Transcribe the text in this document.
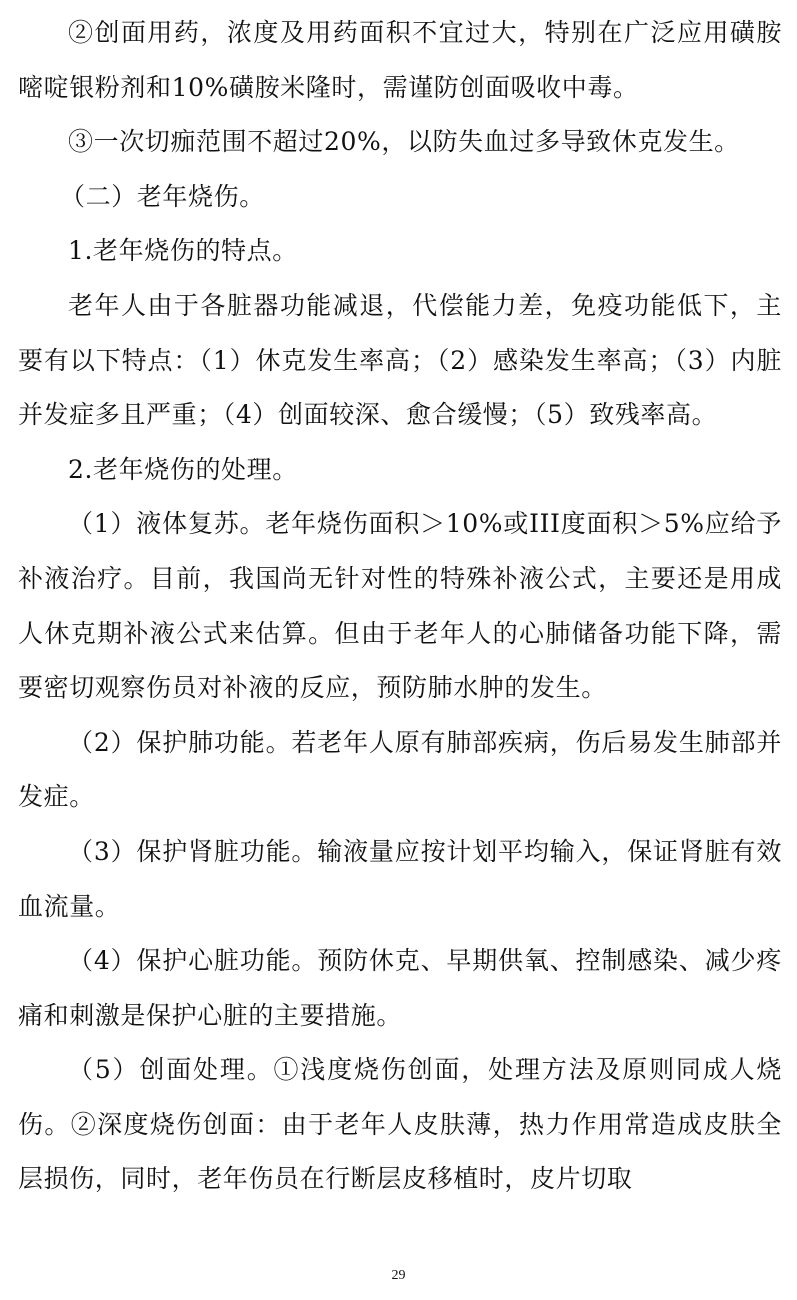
②创面用药，浓度及用药面积不宜过大，特别在广泛应用磺胺嘧啶银粉剂和10%磺胺米隆时，需谨防创面吸收中毒。

③一次切痂范围不超过20%，以防失血过多导致休克发生。

（二）老年烧伤。

1.老年烧伤的特点。

老年人由于各脏器功能减退，代偿能力差，免疫功能低下，主要有以下特点：（1）休克发生率高；（2）感染发生率高；（3）内脏并发症多且严重；（4）创面较深、愈合缓慢；（5）致残率高。

2.老年烧伤的处理。

（1）液体复苏。老年烧伤面积＞10%或III度面积＞5%应给予补液治疗。目前，我国尚无针对性的特殊补液公式，主要还是用成人休克期补液公式来估算。但由于老年人的心肺储备功能下降，需要密切观察伤员对补液的反应，预防肺水肿的发生。

（2）保护肺功能。若老年人原有肺部疾病，伤后易发生肺部并发症。

（3）保护肾脏功能。输液量应按计划平均输入，保证肾脏有效血流量。

（4）保护心脏功能。预防休克、早期供氧、控制感染、减少疼痛和刺激是保护心脏的主要措施。

（5）创面处理。①浅度烧伤创面，处理方法及原则同成人烧伤。②深度烧伤创面：由于老年人皮肤薄，热力作用常造成皮肤全层损伤，同时，老年伤员在行断层皮移植时，皮片切取

29
